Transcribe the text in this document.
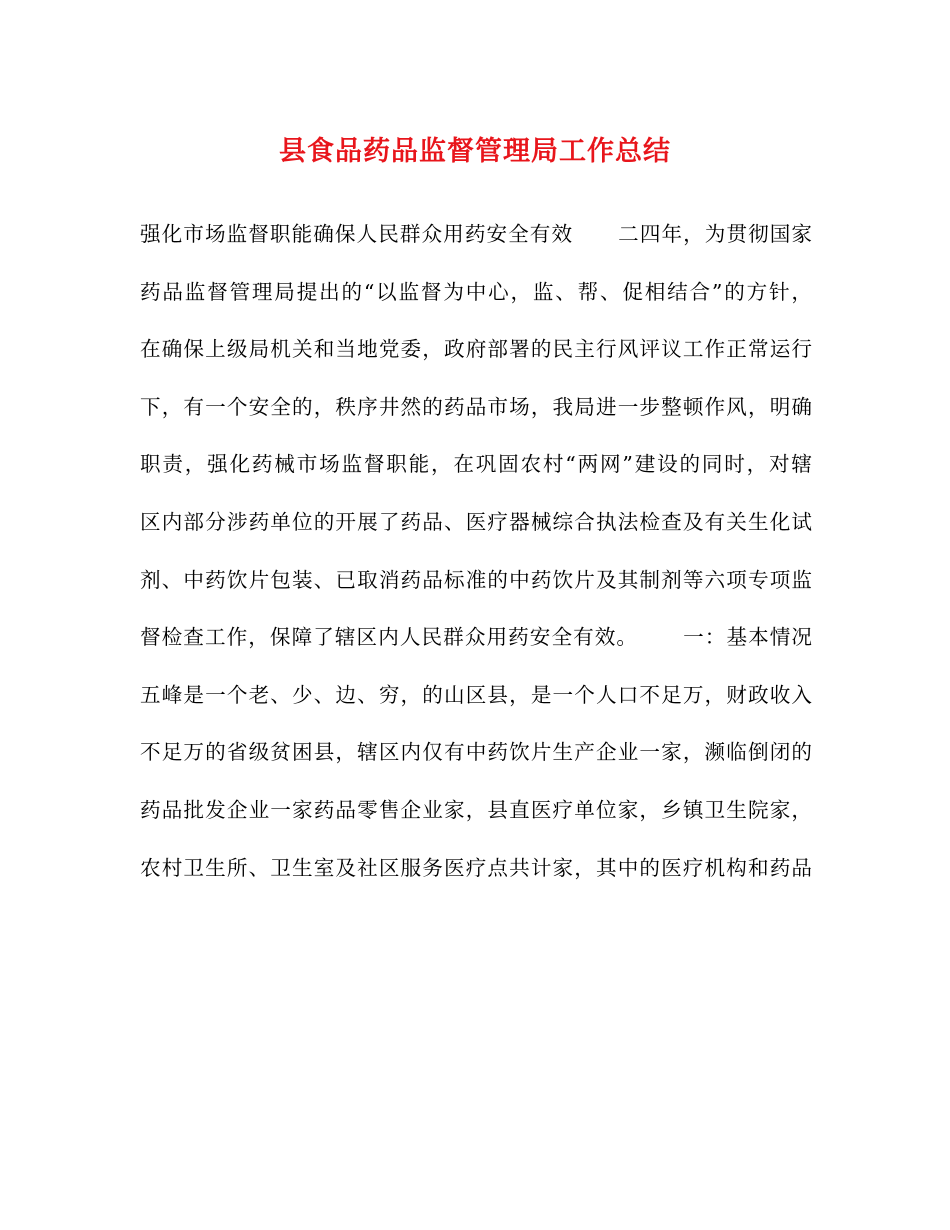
县食品药品监督管理局工作总结
强化市场监督职能确保人民群众用药安全有效 二四年，为贯彻国家
药品监督管理局提出的“以监督为中心，监、帮、促相结合”的方针，
在确保上级局机关和当地党委，政府部署的民主行风评议工作正常运行
下，有一个安全的，秩序井然的药品市场，我局进一步整顿作风，明确
职责，强化药械市场监督职能，在巩固农村“两网”建设的同时，对辖
区内部分涉药单位的开展了药品、医疗器械综合执法检查及有关生化试
剂、中药饮片包装、已取消药品标准的中药饮片及其制剂等六项专项监
督检查工作，保障了辖区内人民群众用药安全有效。 一：基本情况
五峰是一个老、少、边、穷，的山区县，是一个人口不足万，财政收入
不足万的省级贫困县，辖区内仅有中药饮片生产企业一家，濒临倒闭的
药品批发企业一家药品零售企业家，县直医疗单位家，乡镇卫生院家，
农村卫生所、卫生室及社区服务医疗点共计家，其中的医疗机构和药品
